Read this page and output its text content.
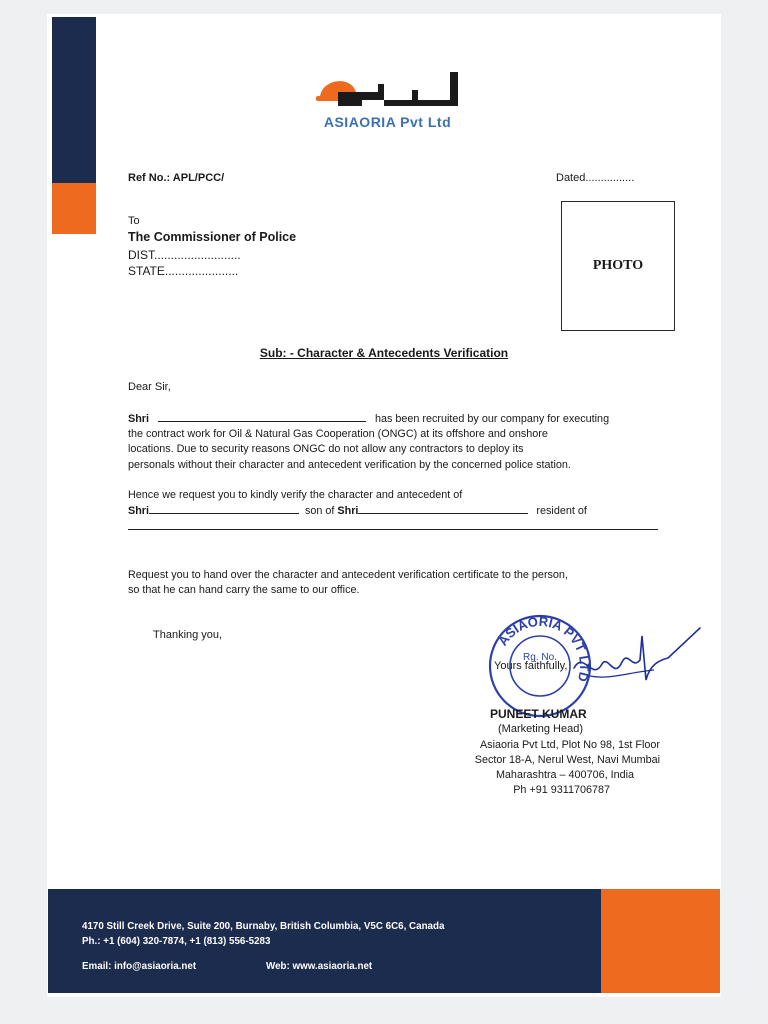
ASIAORIA Pvt Ltd
Ref No.: APL/PCC/	Dated................
To
The Commissioner of Police
DIST..........................
STATE......................	PHOTO
Sub: - Character & Antecedents Verification
Dear Sir,
Shri	has been recruited by our company for executing
the contract work for Oil & Natural Gas Cooperation (ONGC) at its offshore and onshore
locations. Due to security reasons ONGC do not allow any contractors to deploy its
personals without their character and antecedent verification by the concerned police station.
Hence we request you to kindly verify the character and antecedent of
Shri	son of Shri	resident of
Request you to hand over the character and antecedent verification certificate to the person,
so that he can hand carry the same to our office.
Thanking you,	ASIAORIA PVT LTD
Rg. No.
Yours faithfully,
PUNEET KUMAR
(Marketing Head)
Asiaoria Pvt Ltd, Plot No 98, 1st Floor
Sector 18-A, Nerul West, Navi Mumbai
Maharashtra – 400706, India
Ph +91 9311706787
4170 Still Creek Drive, Suite 200, Burnaby, British Columbia, V5C 6C6, Canada
Ph.: +1 (604) 320-7874, +1 (813) 556-5283
Email: info@asiaoria.net	Web: www.asiaoria.net
